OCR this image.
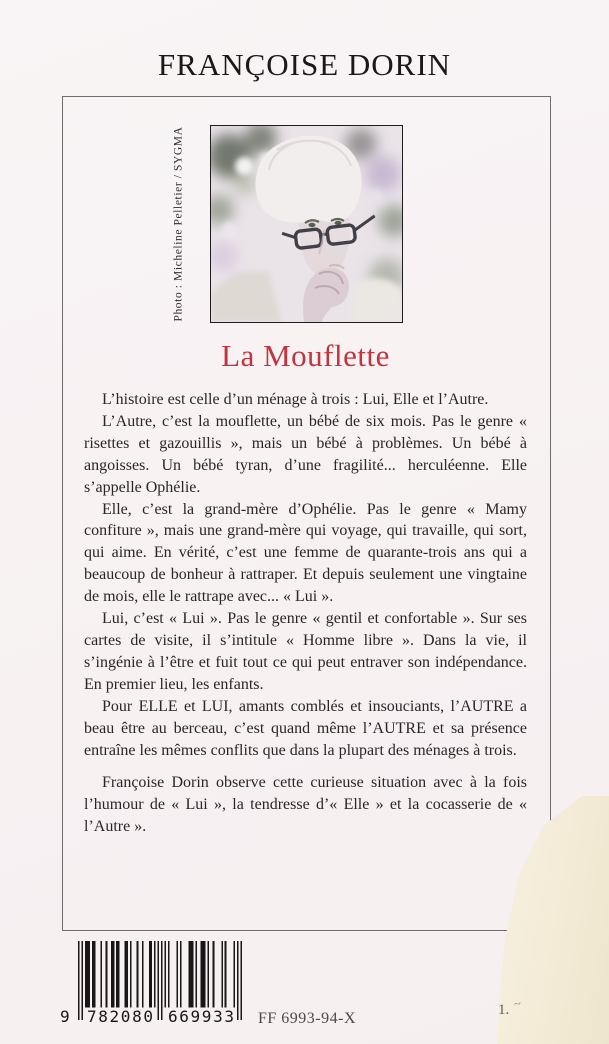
FRANÇOISE DORIN
Photo : Micheline Pelletier / SYGMA
La Mouflette

L’histoire est celle d’un ménage à trois : Lui, Elle et l’Autre.

L’Autre, c’est la mouflette, un bébé de six mois. Pas le genre « risettes et gazouillis », mais un bébé à problèmes. Un bébé à angoisses. Un bébé tyran, d’une fragilité... herculéenne. Elle s’appelle Ophélie.

Elle, c’est la grand-mère d’Ophélie. Pas le genre « Mamy confiture », mais une grand-mère qui voyage, qui travaille, qui sort, qui aime. En vérité, c’est une femme de quarante-trois ans qui a beaucoup de bonheur à rattraper. Et depuis seulement une vingtaine de mois, elle le rattrape avec... « Lui ».

Lui, c’est « Lui ». Pas le genre « gentil et confortable ». Sur ses cartes de visite, il s’intitule « Homme libre ». Dans la vie, il s’ingénie à l’être et fuit tout ce qui peut entraver son indépendance. En premier lieu, les enfants.

Pour ELLE et LUI, amants comblés et insouciants, l’AUTRE a beau être au berceau, c’est quand même l’AUTRE et sa présence entraîne les mêmes conflits que dans la plupart des ménages à trois.

Françoise Dorin observe cette curieuse situation avec à la fois l’humour de « Lui », la tendresse d’« Elle » et la cocasserie de « l’Autre ».

9 7 8 2 0 8 0 6 6 9 9 3 3 FF 6993-94-X	1. ~
